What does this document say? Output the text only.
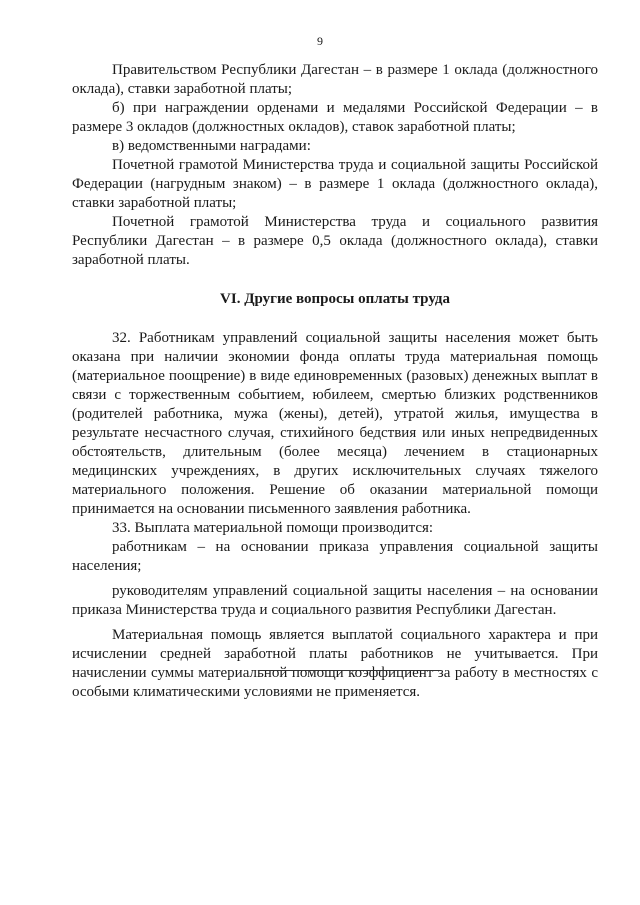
9

Правительством Республики Дагестан – в размере 1 оклада (должностного оклада), ставки заработной платы;

б) при награждении орденами и медалями Российской Федерации – в размере 3 окладов (должностных окладов), ставок заработной платы;

в) ведомственными наградами:

Почетной грамотой Министерства труда и социальной защиты Российской Федерации (нагрудным знаком) – в размере 1 оклада (должностного оклада), ставки заработной платы;

Почетной грамотой Министерства труда и социального развития Республики Дагестан – в размере 0,5 оклада (должностного оклада), ставки заработной платы.

VI. Другие вопросы оплаты труда

32. Работникам управлений социальной защиты населения может быть оказана при наличии экономии фонда оплаты труда материальная помощь (материальное поощрение) в виде единовременных (разовых) денежных выплат в связи с торжественным событием, юбилеем, смертью близких родственников (родителей работника, мужа (жены), детей), утратой жилья, имущества в результате несчастного случая, стихийного бедствия или иных непредвиденных обстоятельств, длительным (более месяца) лечением в стационарных медицинских учреждениях, в других исключительных случаях тяжелого материального положения. Решение об оказании материальной помощи принимается на основании письменного заявления работника.

33. Выплата материальной помощи производится:

работникам – на основании приказа управления социальной защиты населения;

руководителям управлений социальной защиты населения – на основании приказа Министерства труда и социального развития Республики Дагестан.

Материальная помощь является выплатой социального характера и при исчислении средней заработной платы работников не учитывается. При начислении суммы материальной помощи коэффициент за работу в местностях с особыми климатическими условиями не применяется.
